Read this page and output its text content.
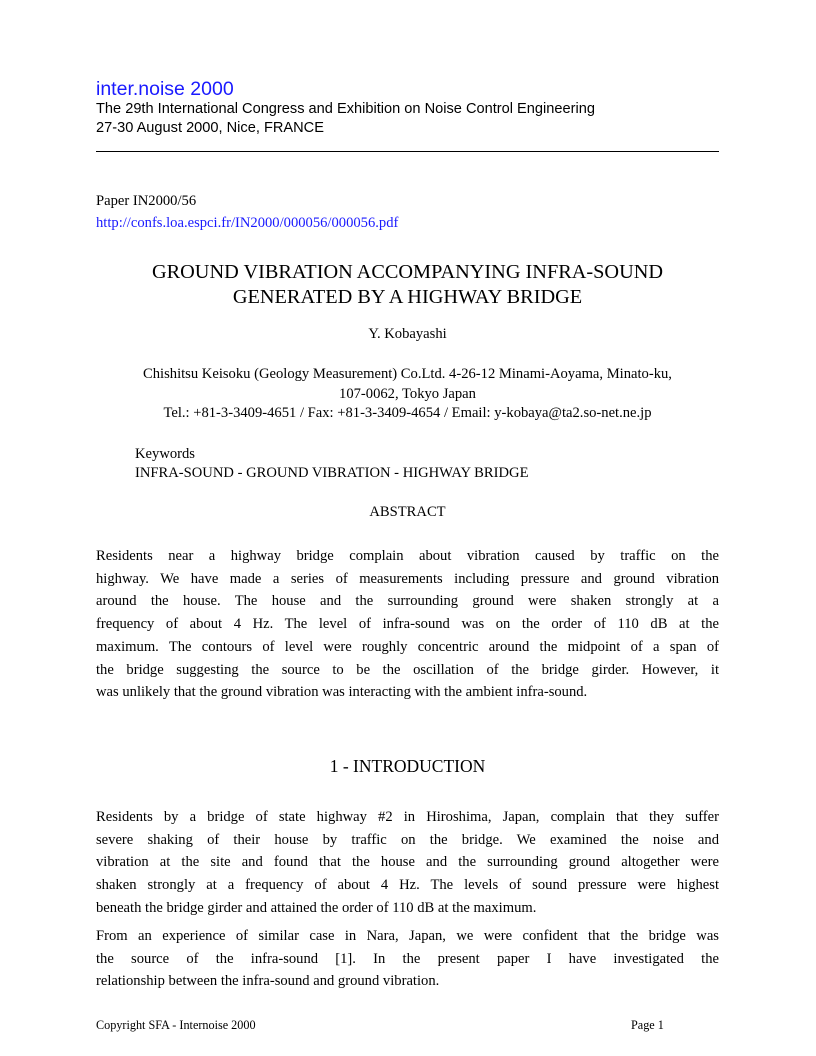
inter.noise 2000
The 29th International Congress and Exhibition on Noise Control Engineering
27-30 August 2000, Nice, FRANCE
Paper IN2000/56
http://confs.loa.espci.fr/IN2000/000056/000056.pdf
GROUND VIBRATION ACCOMPANYING INFRA-SOUND
GENERATED BY A HIGHWAY BRIDGE
Y. Kobayashi
Chishitsu Keisoku (Geology Measurement) Co.Ltd. 4-26-12 Minami-Aoyama, Minato-ku,
107-0062, Tokyo Japan
Tel.: +81-3-3409-4651 / Fax: +81-3-3409-4654 / Email: y-kobaya@ta2.so-net.ne.jp
Keywords
INFRA-SOUND - GROUND VIBRATION - HIGHWAY BRIDGE
ABSTRACT
Residents near a highway bridge complain about vibration caused by traffic on the
highway. We have made a series of measurements including pressure and ground vibration
around the house. The house and the surrounding ground were shaken strongly at a
frequency of about 4 Hz. The level of infra-sound was on the order of 110 dB at the
maximum. The contours of level were roughly concentric around the midpoint of a span of
the bridge suggesting the source to be the oscillation of the bridge girder. However, it
was unlikely that the ground vibration was interacting with the ambient infra-sound.
1 - INTRODUCTION
Residents by a bridge of state highway #2 in Hiroshima, Japan, complain that they suffer
severe shaking of their house by traffic on the bridge. We examined the noise and
vibration at the site and found that the house and the surrounding ground altogether were
shaken strongly at a frequency of about 4 Hz. The levels of sound pressure were highest
beneath the bridge girder and attained the order of 110 dB at the maximum.
From an experience of similar case in Nara, Japan, we were confident that the bridge was
the source of the infra-sound [1]. In the present paper I have investigated the
relationship between the infra-sound and ground vibration.
Copyright SFA - Internoise 2000	Page 1
